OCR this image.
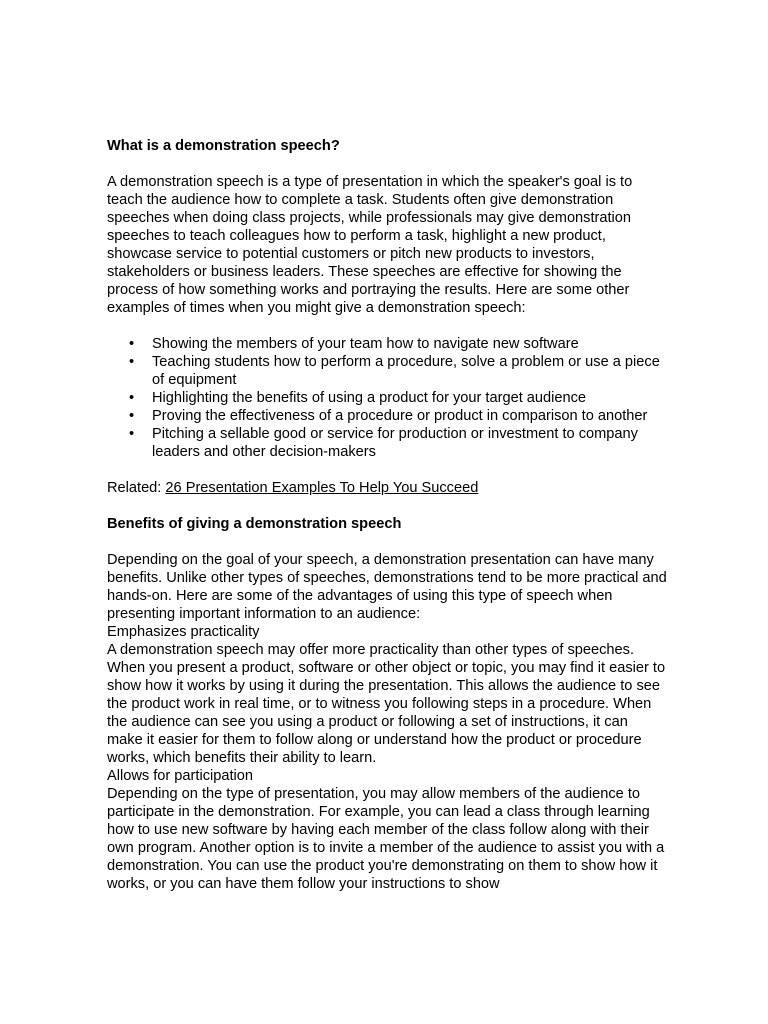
What is a demonstration speech?

A demonstration speech is a type of presentation in which the speaker's goal is to teach the audience how to complete a task. Students often give demonstration speeches when doing class projects, while professionals may give demonstration speeches to teach colleagues how to perform a task, highlight a new product, showcase service to potential customers or pitch new products to investors, stakeholders or business leaders. These speeches are effective for showing the process of how something works and portraying the results. Here are some other examples of times when you might give a demonstration speech:

• Showing the members of your team how to navigate new software
• Teaching students how to perform a procedure, solve a problem or use a piece of equipment
• Highlighting the benefits of using a product for your target audience
• Proving the effectiveness of a procedure or product in comparison to another
• Pitching a sellable good or service for production or investment to company leaders and other decision-makers

Related: 26 Presentation Examples To Help You Succeed

Benefits of giving a demonstration speech

Depending on the goal of your speech, a demonstration presentation can have many benefits. Unlike other types of speeches, demonstrations tend to be more practical and hands-on. Here are some of the advantages of using this type of speech when presenting important information to an audience:

Emphasizes practicality

A demonstration speech may offer more practicality than other types of speeches. When you present a product, software or other object or topic, you may find it easier to show how it works by using it during the presentation. This allows the audience to see the product work in real time, or to witness you following steps in a procedure. When the audience can see you using a product or following a set of instructions, it can make it easier for them to follow along or understand how the product or procedure works, which benefits their ability to learn.

Allows for participation

Depending on the type of presentation, you may allow members of the audience to participate in the demonstration. For example, you can lead a class through learning how to use new software by having each member of the class follow along with their own program. Another option is to invite a member of the audience to assist you with a demonstration. You can use the product you're demonstrating on them to show how it works, or you can have them follow your instructions to show
